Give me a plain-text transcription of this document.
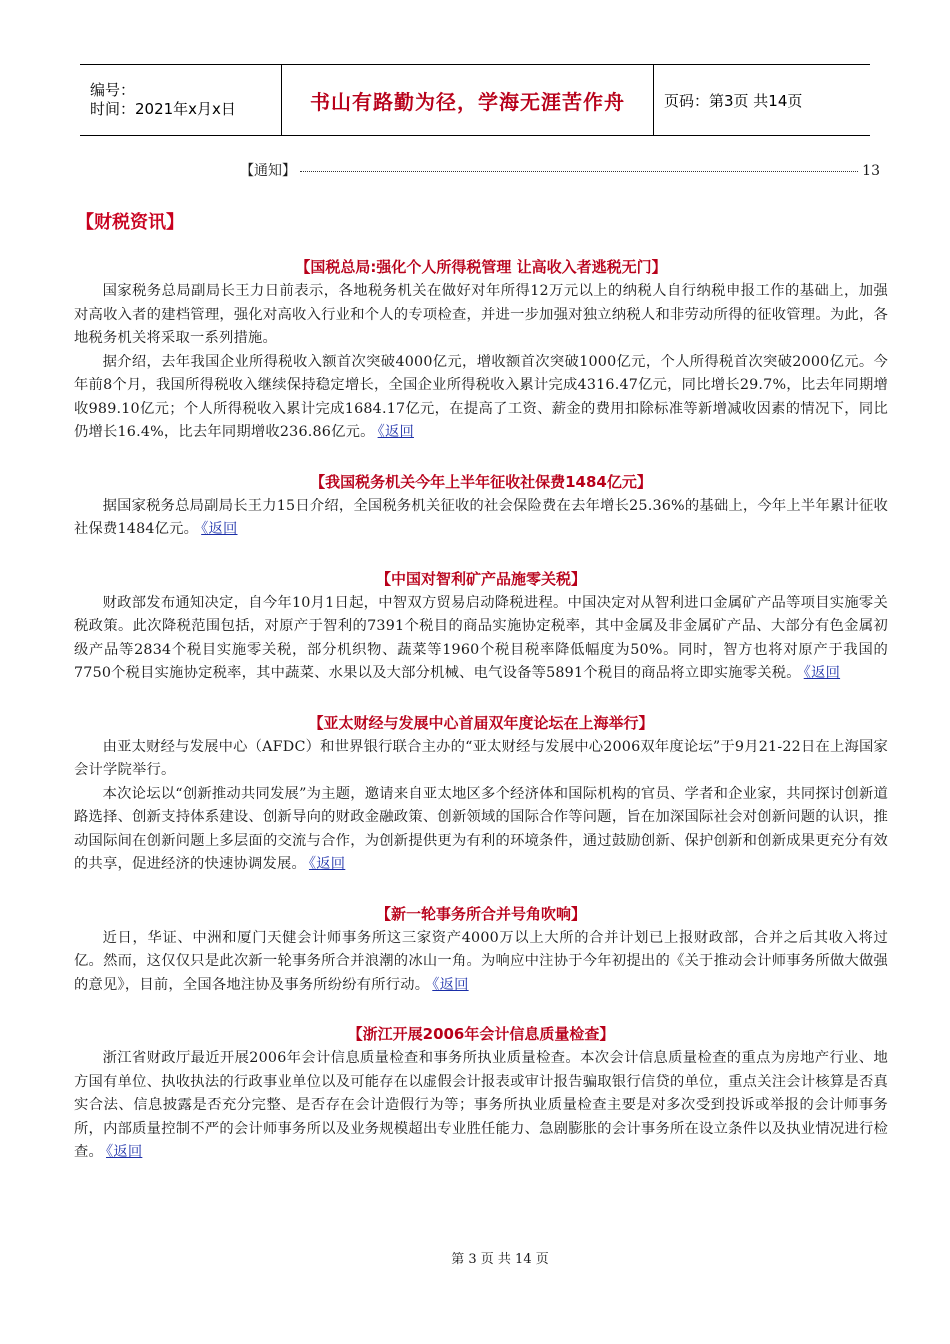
编号：
时间：2021年x月x日	书山有路勤为径，学海无涯苦作舟	页码：第3页 共14页
【通知】	13
【财税资讯】
【国税总局:强化个人所得税管理 让高收入者逃税无门】

国家税务总局副局长王力日前表示，各地税务机关在做好对年所得12万元以上的纳税人自行纳税申报工作的基础上，加强对高收入者的建档管理，强化对高收入行业和个人的专项检查，并进一步加强对独立纳税人和非劳动所得的征收管理。为此，各地税务机关将采取一系列措施。

据介绍，去年我国企业所得税收入额首次突破4000亿元，增收额首次突破1000亿元，个人所得税首次突破2000亿元。今年前8个月，我国所得税收入继续保持稳定增长，全国企业所得税收入累计完成4316.47亿元，同比增长29.7%，比去年同期增收989.10亿元；个人所得税收入累计完成1684.17亿元，在提高了工资、薪金的费用扣除标准等新增减收因素的情况下，同比仍增长16.4%，比去年同期增收236.86亿元。 《返回

【我国税务机关今年上半年征收社保费1484亿元】

据国家税务总局副局长王力15日介绍，全国税务机关征收的社会保险费在去年增长25.36%的基础上，今年上半年累计征收社保费1484亿元。 《返回

【中国对智利矿产品施零关税】

财政部发布通知决定，自今年10月1日起，中智双方贸易启动降税进程。中国决定对从智利进口金属矿产品等项目实施零关税政策。此次降税范围包括，对原产于智利的7391个税目的商品实施协定税率，其中金属及非金属矿产品、大部分有色金属初级产品等2834个税目实施零关税，部分机织物、蔬菜等1960个税目税率降低幅度为50%。同时，智方也将对原产于我国的7750个税目实施协定税率，其中蔬菜、水果以及大部分机械、电气设备等5891个税目的商品将立即实施零关税。 《返回

【亚太财经与发展中心首届双年度论坛在上海举行】

由亚太财经与发展中心（AFDC）和世界银行联合主办的“亚太财经与发展中心2006双年度论坛”于9月21-22日在上海国家会计学院举行。

本次论坛以“创新推动共同发展”为主题，邀请来自亚太地区多个经济体和国际机构的官员、学者和企业家，共同探讨创新道路选择、创新支持体系建设、创新导向的财政金融政策、创新领域的国际合作等问题，旨在加深国际社会对创新问题的认识，推动国际间在创新问题上多层面的交流与合作，为创新提供更为有利的环境条件，通过鼓励创新、保护创新和创新成果更充分有效的共享，促进经济的快速协调发展。 《返回

【新一轮事务所合并号角吹响】

近日，华证、中洲和厦门天健会计师事务所这三家资产4000万以上大所的合并计划已上报财政部，合并之后其收入将过亿。然而，这仅仅只是此次新一轮事务所合并浪潮的冰山一角。为响应中注协于今年初提出的《关于推动会计师事务所做大做强的意见》，目前，全国各地注协及事务所纷纷有所行动。 《返回

【浙江开展2006年会计信息质量检查】

浙江省财政厅最近开展2006年会计信息质量检查和事务所执业质量检查。本次会计信息质量检查的重点为房地产行业、地方国有单位、执收执法的行政事业单位以及可能存在以虚假会计报表或审计报告骗取银行信贷的单位，重点关注会计核算是否真实合法、信息披露是否充分完整、是否存在会计造假行为等；事务所执业质量检查主要是对多次受到投诉或举报的会计师事务所，内部质量控制不严的会计师事务所以及业务规模超出专业胜任能力、急剧膨胀的会计事务所在设立条件以及执业情况进行检查。 《返回

第 3 页 共 14 页
